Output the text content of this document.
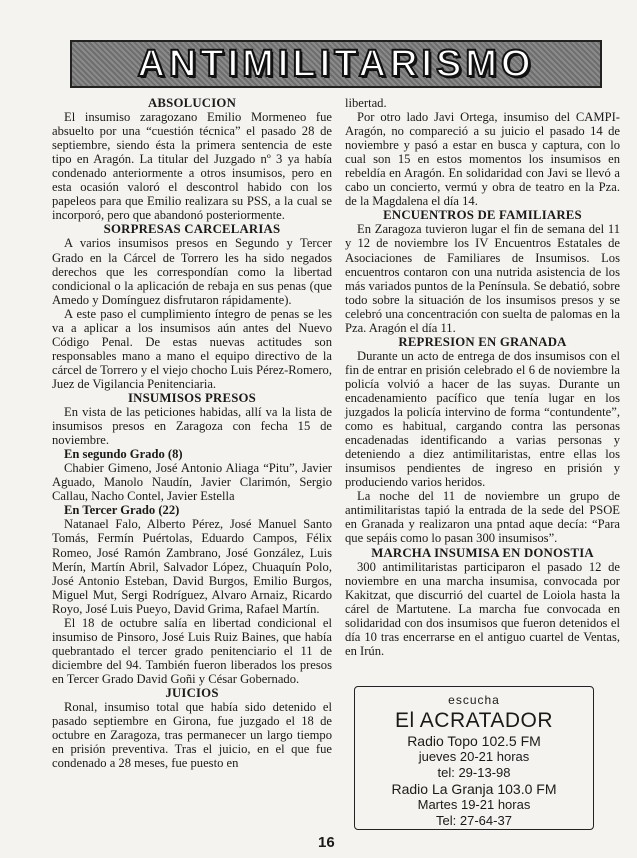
ANTIMILITARISMO
ABSOLUCION

El insumiso zaragozano Emilio Mormeneo fue absuelto por una “cuestión técnica” el pasado 28 de septiembre, siendo ésta la primera sentencia de este tipo en Aragón. La titular del Juzgado nº 3 ya había condenado anteriormente a otros insumisos, pero en esta ocasión valoró el descontrol habido con los papeleos para que Emilio realizara su PSS, a la cual se incorporó, pero que abandonó posteriormente.

SORPRESAS CARCELARIAS

A varios insumisos presos en Segundo y Tercer Grado en la Cárcel de Torrero les ha sido negados derechos que les correspondían como la libertad condicional o la aplicación de rebaja en sus penas (que Amedo y Domínguez disfrutaron rápidamente).

A este paso el cumplimiento íntegro de penas se les va a aplicar a los insumisos aún antes del Nuevo Código Penal. De estas nuevas actitudes son responsables mano a mano el equipo directivo de la cárcel de Torrero y el viejo chocho Luis Pérez-Romero, Juez de Vigilancia Penitenciaria.

INSUMISOS PRESOS

En vista de las peticiones habidas, allí va la lista de insumisos presos en Zaragoza con fecha 15 de noviembre.

En segundo Grado (8)

Chabier Gimeno, José Antonio Aliaga “Pitu”, Javier Aguado, Manolo Naudín, Javier Clarimón, Sergio Callau, Nacho Contel, Javier Estella

En Tercer Grado (22)

Natanael Falo, Alberto Pérez, José Manuel Santo Tomás, Fermín Puértolas, Eduardo Campos, Félix Romeo, José Ramón Zambrano, José González, Luis Merín, Martín Abril, Salvador López, Chuaquín Polo, José Antonio Esteban, David Burgos, Emilio Burgos, Miguel Mut, Sergi Rodríguez, Alvaro Arnaiz, Ricardo Royo, José Luis Pueyo, David Grima, Rafael Martín.

El 18 de octubre salía en libertad condicional el insumiso de Pinsoro, José Luis Ruiz Baines, que había quebrantado el tercer grado penitenciario el 11 de diciembre del 94. También fueron liberados los presos en Tercer Grado David Goñi y César Gobernado.

JUICIOS

Ronal, insumiso total que había sido detenido el pasado septiembre en Girona, fue juzgado el 18 de octubre en Zaragoza, tras permanecer un largo tiempo en prisión preventiva. Tras el juicio, en el que fue condenado a 28 meses, fue puesto en

libertad.

Por otro lado Javi Ortega, insumiso del CAMPI-Aragón, no compareció a su juicio el pasado 14 de noviembre y pasó a estar en busca y captura, con lo cual son 15 en estos momentos los insumisos en rebeldía en Aragón. En solidaridad con Javi se llevó a cabo un concierto, vermú y obra de teatro en la Pza. de la Magdalena el día 14.

ENCUENTROS DE FAMILIARES

En Zaragoza tuvieron lugar el fin de semana del 11 y 12 de noviembre los IV Encuentros Estatales de Asociaciones de Familiares de Insumisos. Los encuentros contaron con una nutrida asistencia de los más variados puntos de la Península. Se debatió, sobre todo sobre la situación de los insumisos presos y se celebró una concentración con suelta de palomas en la Pza. Aragón el día 11.

REPRESION EN GRANADA

Durante un acto de entrega de dos insumisos con el fin de entrar en prisión celebrado el 6 de noviembre la policía volvió a hacer de las suyas. Durante un encadenamiento pacífico que tenía lugar en los juzgados la policía intervino de forma “contundente”, como es habitual, cargando contra las personas encadenadas identificando a varias personas y deteniendo a diez antimilitaristas, entre ellas los insumisos pendientes de ingreso en prisión y produciendo varios heridos.

La noche del 11 de noviembre un grupo de antimilitaristas tapió la entrada de la sede del PSOE en Granada y realizaron una pntad aque decía: “Para que sepáis como lo pasan 300 insumisos”.

MARCHA INSUMISA EN DONOSTIA

300 antimilitaristas participaron el pasado 12 de noviembre en una marcha insumisa, convocada por Kakitzat, que discurrió del cuartel de Loiola hasta la cárel de Martutene. La marcha fue convocada en solidaridad con dos insumisos que fueron detenidos el día 10 tras encerrarse en el antiguo cuartel de Ventas, en Irún.

escucha
El ACRATADOR
Radio Topo 102.5 FM
jueves 20-21 horas
tel: 29-13-98
Radio La Granja 103.0 FM
Martes 19-21 horas
Tel: 27-64-37
16
